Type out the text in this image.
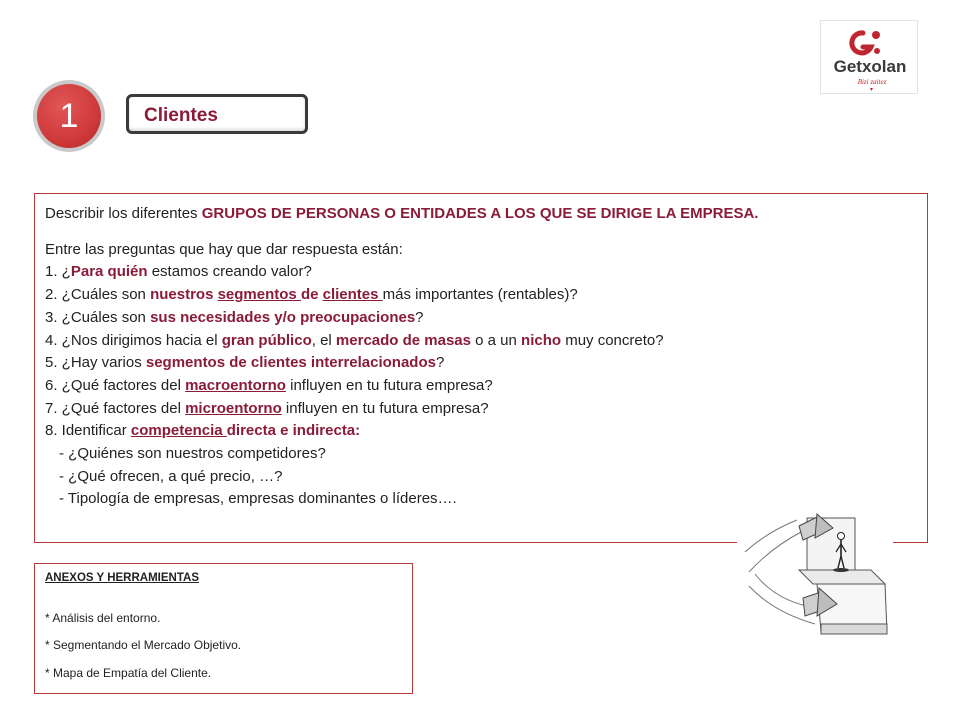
Getxolan
Bizi zaitez
1	Clientes

Describir los diferentes GRUPOS DE PERSONAS O ENTIDADES A LOS QUE SE DIRIGE LA EMPRESA.

Entre las preguntas que hay que dar respuesta están:

1. ¿Para quién estamos creando valor?

2. ¿Cuáles son nuestros segmentos de clientes más importantes (rentables)?

3. ¿Cuáles son sus necesidades y/o preocupaciones?

4. ¿Nos dirigimos hacia el gran público, el mercado de masas o a un nicho muy concreto?

5. ¿Hay varios segmentos de clientes interrelacionados?

6. ¿Qué factores del macroentorno influyen en tu futura empresa?

7. ¿Qué factores del microentorno influyen en tu futura empresa?

8. Identificar competencia directa e indirecta:

- ¿Quiénes son nuestros competidores?

- ¿Qué ofrecen, a qué precio, …?

- Tipología de empresas, empresas dominantes o líderes….

ANEXOS Y HERRAMIENTAS
* Análisis del entorno.
* Segmentando el Mercado Objetivo.
* Mapa de Empatía del Cliente.
